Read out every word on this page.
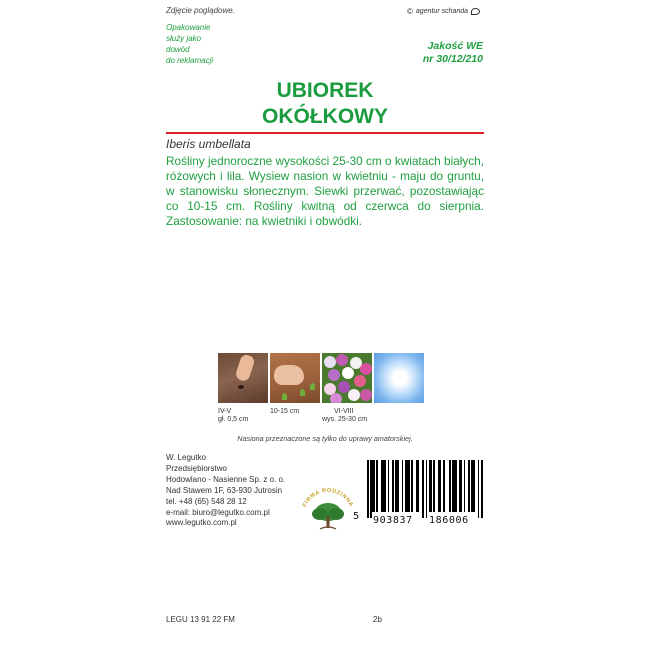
Zdjęcie poglądowe.	© agentur schanda
Opakowanie
służy jako
dowód
do reklamacji
Jakość WE
nr 30/12/210
UBIOREK
OKÓŁKOWY
Iberis umbellata
Rośliny jednoroczne wysokości 25-30 cm o kwiatach białych, różowych i lila. Wysiew nasion w kwietniu - maju do gruntu, w stanowisku słonecznym. Siewki przerwać, pozostawiając co 10-15 cm. Rośliny kwitną od czerwca do sierpnia. Zastosowanie: na kwietniki i obwódki.
IV-V
gł. 0,5 cm
10-15 cm	VI-VIII
wys. 25-30 cm
Nasiona przeznaczone są tylko do uprawy amatorskiej.
W. Legutko
Przedsiębiorstwo
Hodowlano - Nasienne Sp. z o. o.
Nad Stawem 1F, 63-930 Jutrosin
tel. +48 (65) 548 28 12
e-mail: biuro@legutko.com.pl
www.legutko.com.pl
FIRMA RODZINNA
5 903837 186006
LEGU 13 91 22 FM	2b
